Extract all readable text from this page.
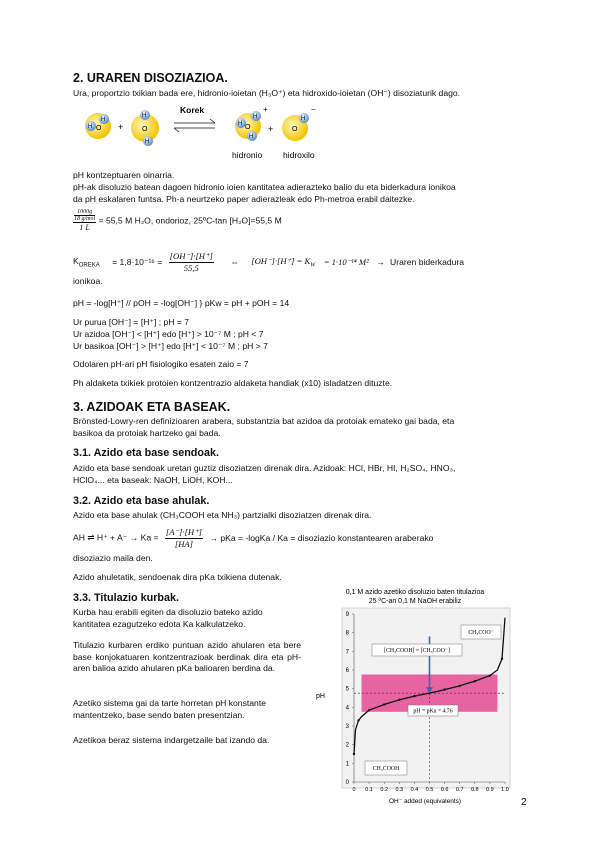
2. URAREN DISOZIAZIOA.
Ura, proportzio txikian bada ere, hidronio-ioietan (H₃O⁺) eta hidroxido-ioietan (OH⁻) disoziaturik dago.
H
H
O +
H
H
O
Korek
H
H
H
O
+
+
H
O
−
hidronio hidroxilo
pH kontzeptuaren oinarria.
pH-ak disoluzio batean dagoen hidronio ioien kantitatea adierazteko balio du eta biderkadura ionikoa
da pH eskalaren funtsa. Ph-a neurtzeko paper adierazleak edo Ph-metroa erabil daitezke.
$\frac{\frac{1000g}{\text{18 g/mol}}}{1 L} = 55,5$ M H₂O, ondorioz, 25ºC-tan [H₂O]=55,5 M
$K_{OREKA} = 1,8\cdot 10^{-16} = \frac{[OH^-]\cdot[H^+]}{55,5}$ ⇔ $[OH^-]\cdot[H^+] = K_W = 1\cdot 10^{-14}$ M² → Uraren biderkadura
ionikoa.
pH = -log[H⁺] // pOH = -log[OH⁻] } pKw = pH + pOH = 14
Ur purua [OH⁻] = [H⁺] ; pH = 7
Ur azidoa [OH⁻] < [H⁺] edo [H⁺] > 10⁻⁷ M ; pH < 7
Ur basikoa [OH⁻] > [H⁺] edo [H⁺] < 10⁻⁷ M ; pH > 7
Odolaren pH-ari pH fisiologiko esaten zaio = 7
Ph aldaketa txikiek protoien kontzentrazio aldaketa handiak (x10) isladatzen dituzte.
3. AZIDOAK ETA BASEAK.
Brönsted-Lowry-ren definizioaren arabera, substantzia bat azidoa da protoiak emateko gai bada, eta
basikoa da protoiak hartzeko gai bada.
3.1. Azido eta base sendoak.
Azido eta base sendoak uretan guztiz disoziatzen direnak dira. Azidoak: HCl, HBr, HI, H₂SO₄, HNO₃,
HClO₄... eta baseak: NaOH, LiOH, KOH...
3.2. Azido eta base ahulak.
Azido eta base ahulak (CH₃COOH eta NH₃) partzialki disoziatzen direnak dira.
AH ⇌ $H^+ + A^- \to Ka = \frac{[A^-]\cdot[H^+]}{[HA]}$ → pKa = -logKa / Ka = disoziazio konstantearen araberako
disoziazio maila den.
Azido ahuletatik, sendoenak dira pKa txikiena dutenak.
3.3. Titulazio kurbak.
Kurba hau erabili egiten da disoluzio bateko azido kantitatea ezagutzeko edota Ka kalkulatzeko.
Titulazio kurbaren erdiko puntuan azido ahularen eta bere base konjokatuaren kontzentrazioak berdinak dira eta pH-aren balioa azido ahularen pKa balioaren berdina da.
Azetiko sistema gai da tarte horretan pH konstante mantentzeko, base sendo baten presentzian.
Azetikoa beraz sistema indargetzaile bat izando da.
0,1 M azido azetiko disoluzio baten titulazioa
25 ºC-an 0,1 M NaOH erabiliz
0
1
2
3
4
5
6
7
8
9
0 0.1 0.2 0.3 0.4 0.5 0.6 0.7 0.8 0.9 1.0
CH₃COO⁻
[CH₃COOH] = [CH₃COO⁻]
pH = pKa = 4.76
CH₃COOH
pH
OH⁻ added (equivalents)	2
